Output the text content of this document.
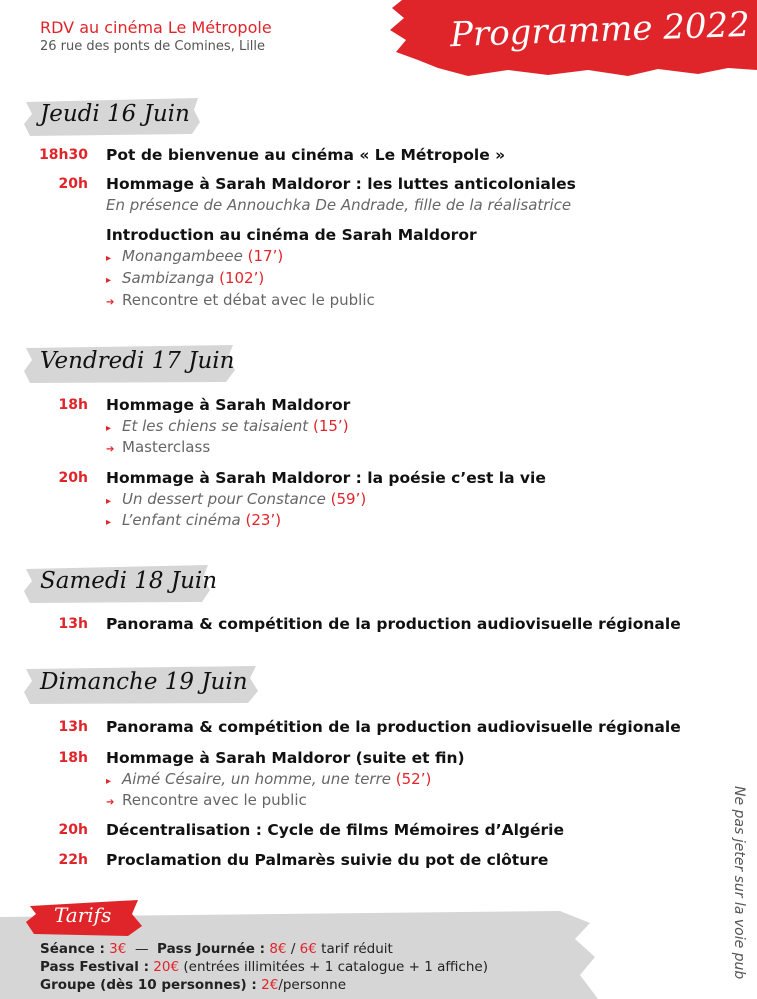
RDV au cinéma Le Métropole
26 rue des ponts de Comines, Lille	Programme 2022
Jeudi 16 Juin
18h30 Pot de bienvenue au cinéma « Le Métropole »
20h Hommage à Sarah Maldoror : les luttes anticoloniales
En présence de Annouchka De Andrade, fille de la réalisatrice
Introduction au cinéma de Sarah Maldoror
▸ Monangambeee (17’)
▸ Sambizanga (102’)
➔ Rencontre et débat avec le public
Vendredi 17 Juin
18h Hommage à Sarah Maldoror
▸ Et les chiens se taisaient (15’)
➔ Masterclass
20h Hommage à Sarah Maldoror : la poésie c’est la vie
▸ Un dessert pour Constance (59’)
▸ L’enfant cinéma (23’)
Samedi 18 Juin
13h Panorama & compétition de la production audiovisuelle régionale
Dimanche 19 Juin
13h Panorama & compétition de la production audiovisuelle régionale
18h Hommage à Sarah Maldoror (suite et fin)
▸ Aimé Césaire, un homme, une terre (52’)
➔ Rencontre avec le public
20h Décentralisation : Cycle de films Mémoires d’Algérie
22h Proclamation du Palmarès suivie du pot de clôture	Ne pas jeter sur la voie pub
Tarifs
Séance : 3€ — Pass Journée : 8€ / 6€ tarif réduit
Pass Festival : 20€ (entrées illimitées + 1 catalogue + 1 affiche)
Groupe (dès 10 personnes) : 2€/personne
